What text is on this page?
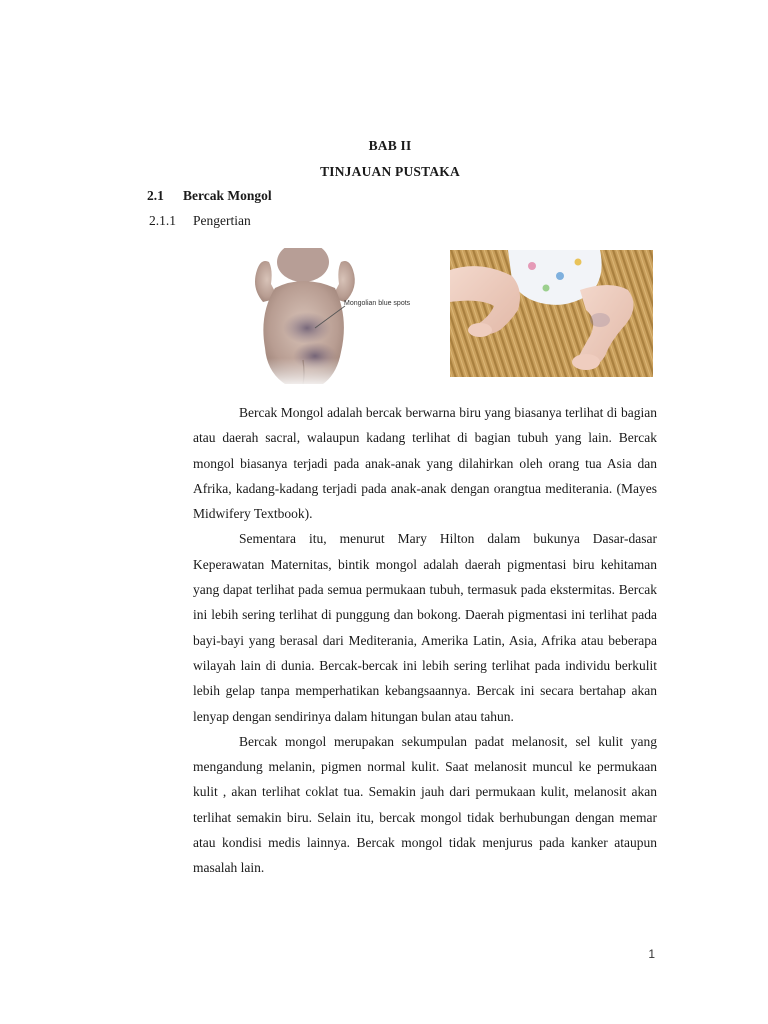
BAB II
TINJAUAN PUSTAKA
2.1 Bercak Mongol
2.1.1 Pengertian
Mongolian blue spots

Bercak Mongol adalah bercak berwarna biru yang biasanya terlihat di bagian atau daerah sacral, walaupun kadang terlihat di bagian tubuh yang lain. Bercak mongol biasanya terjadi pada anak-anak yang dilahirkan oleh orang tua Asia dan Afrika, kadang-kadang terjadi pada anak-anak dengan orangtua mediterania. (Mayes Midwifery Textbook).

Sementara itu, menurut Mary Hilton dalam bukunya Dasar-dasar Keperawatan Maternitas, bintik mongol adalah daerah pigmentasi biru kehitaman yang dapat terlihat pada semua permukaan tubuh, termasuk pada ekstermitas. Bercak ini lebih sering terlihat di punggung dan bokong. Daerah pigmentasi ini terlihat pada bayi-bayi yang berasal dari Mediterania, Amerika Latin, Asia, Afrika atau beberapa wilayah lain di dunia. Bercak-bercak ini lebih sering terlihat pada individu berkulit lebih gelap tanpa memperhatikan kebangsaannya. Bercak ini secara bertahap akan lenyap dengan sendirinya dalam hitungan bulan atau tahun.

Bercak mongol merupakan sekumpulan padat melanosit, sel kulit yang mengandung melanin, pigmen normal kulit. Saat melanosit muncul ke permukaan kulit , akan terlihat coklat tua. Semakin jauh dari permukaan kulit, melanosit akan terlihat semakin biru. Selain itu, bercak mongol tidak berhubungan dengan memar atau kondisi medis lainnya. Bercak mongol tidak menjurus pada kanker ataupun masalah lain.

1
